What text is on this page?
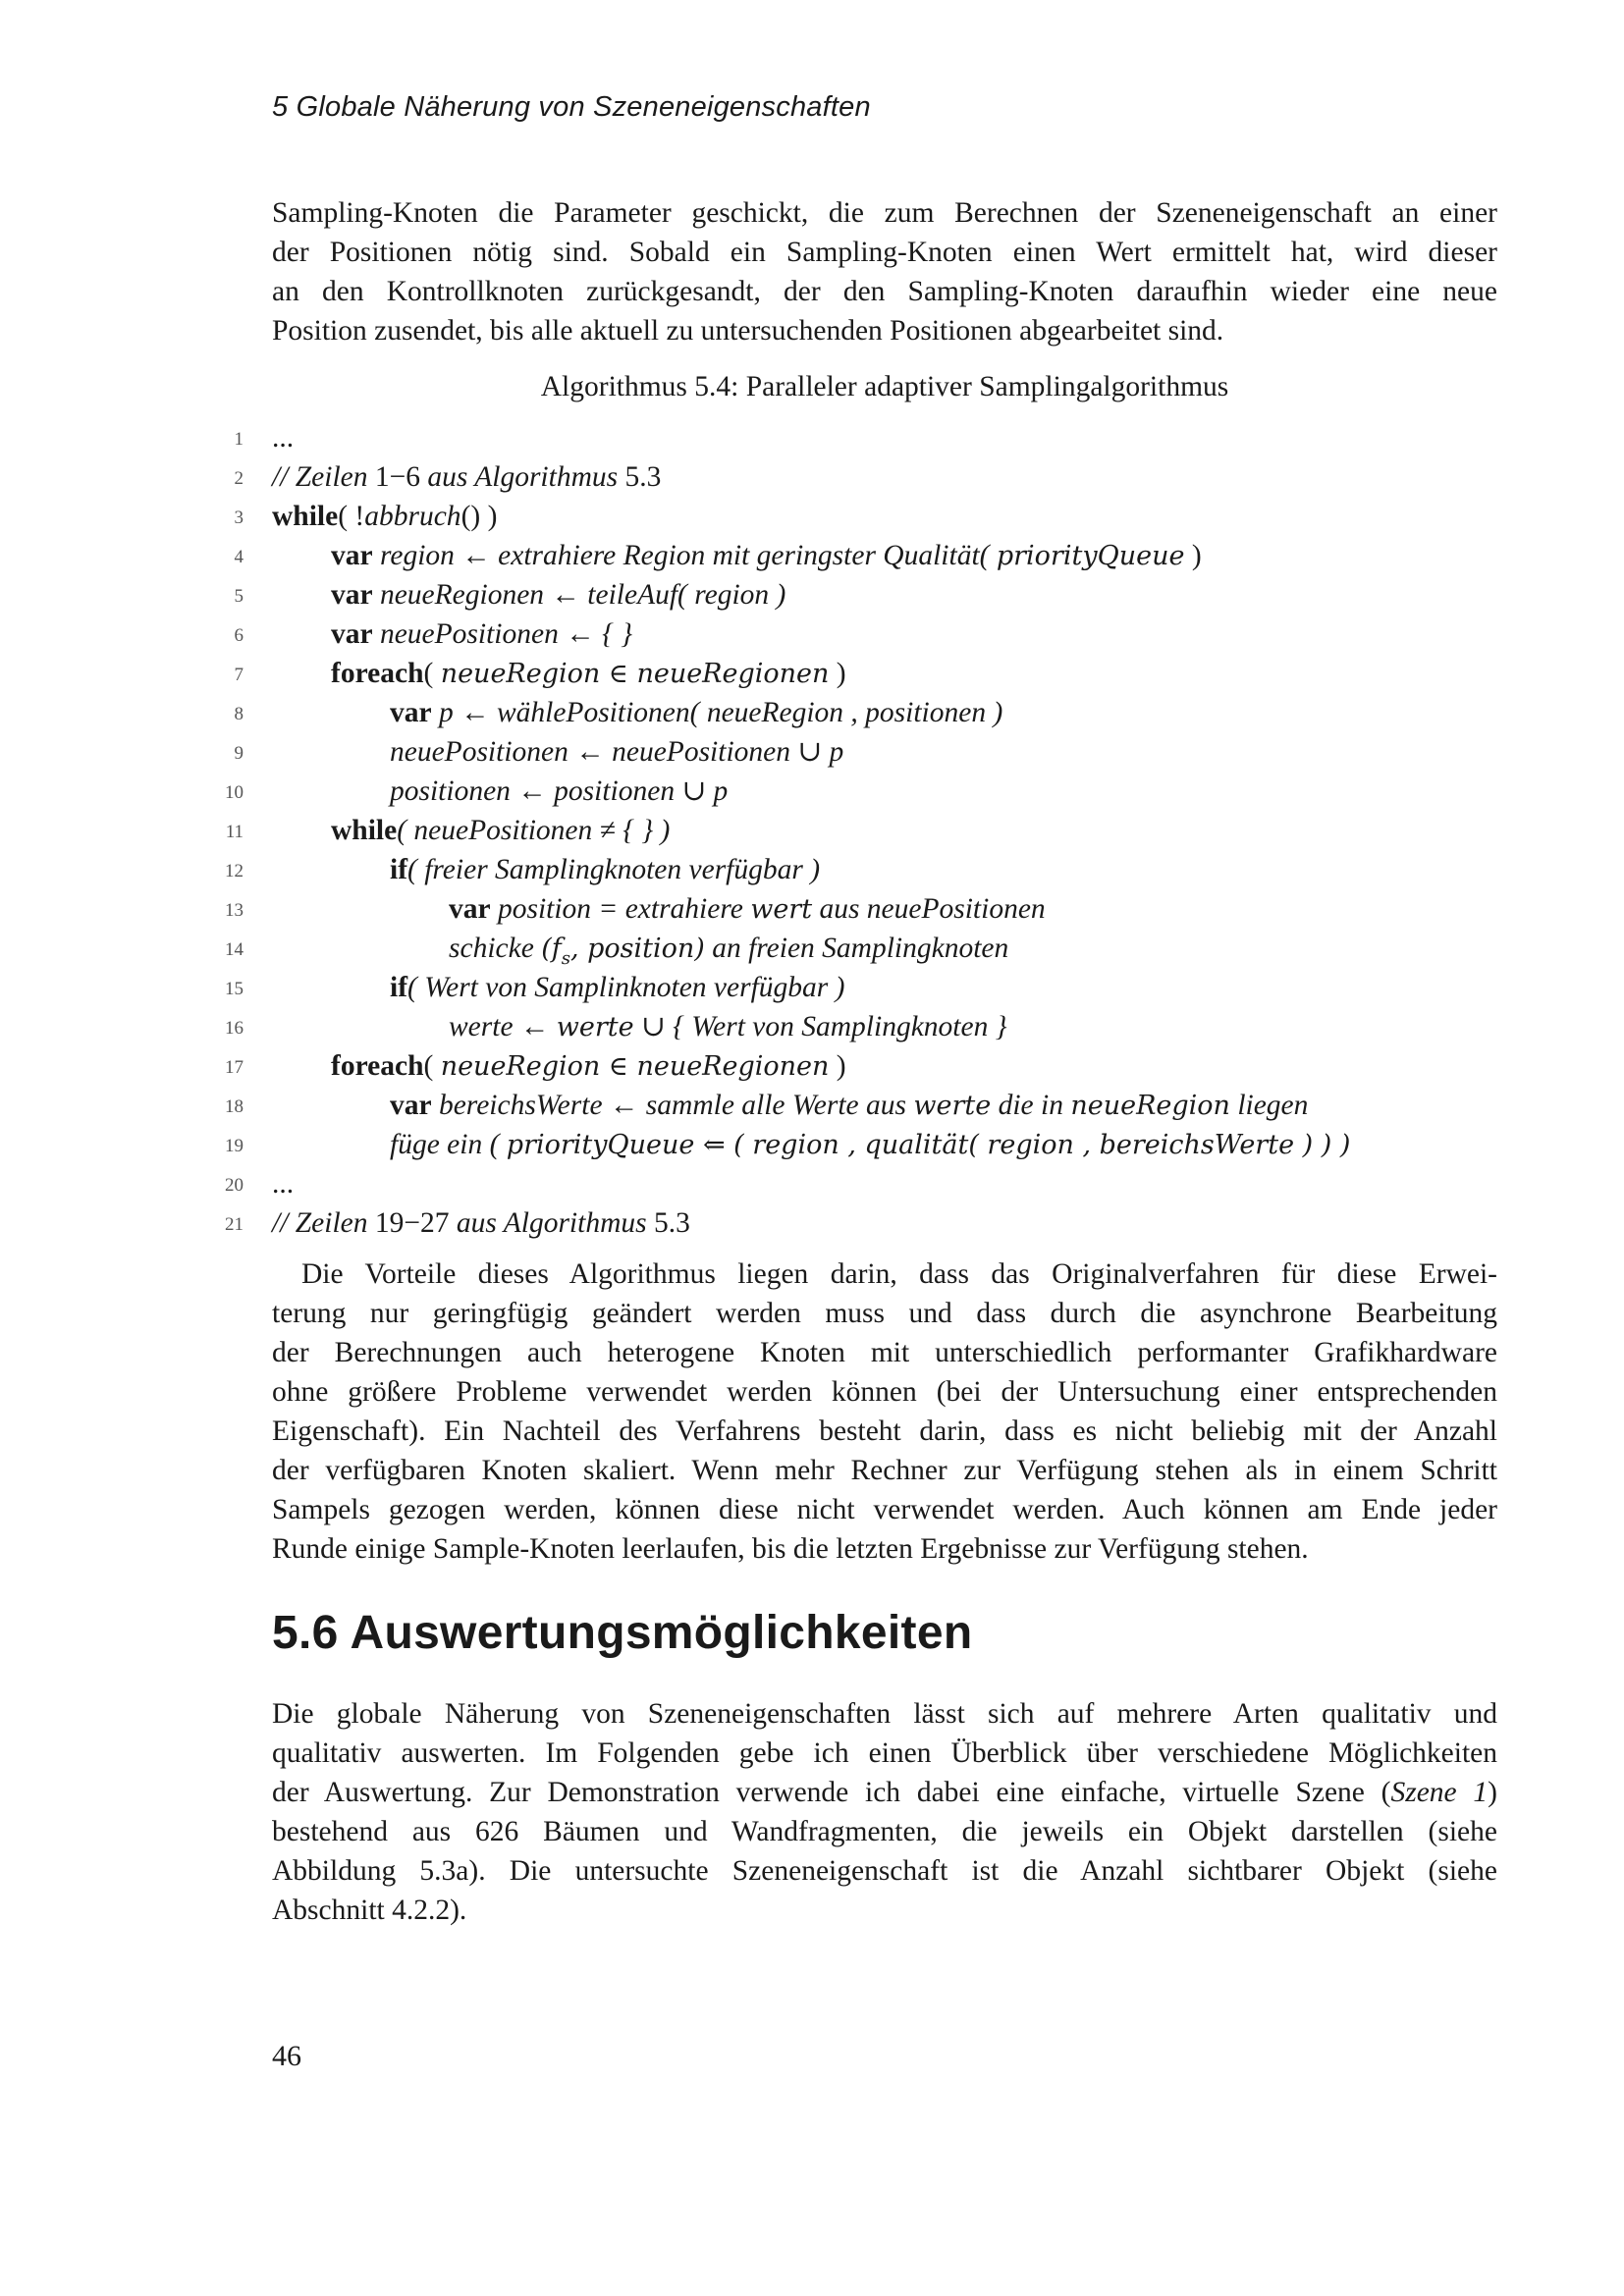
5 Globale Näherung von Szeneneigenschaften
Sampling-Knoten die Parameter geschickt, die zum Berechnen der Szeneneigenschaft an einer
der Positionen nötig sind. Sobald ein Sampling-Knoten einen Wert ermittelt hat, wird dieser
an den Kontrollknoten zurückgesandt, der den Sampling-Knoten daraufhin wieder eine neue
Position zusendet, bis alle aktuell zu untersuchenden Positionen abgearbeitet sind.
Algorithmus 5.4: Paralleler adaptiver Samplingalgorithmus
1 ...
2 // Zeilen 1−6 aus Algorithmus 5.3
3 while( !abbruch() )
4	var region ← extrahiere Region mit geringster Qualität( priorityQueue )
5	var neueRegionen ← teileAuf( region )
6	var neuePositionen ← { }
7	foreach( neueRegion ∈ neueRegionen )
8	var p ← wählePositionen( neueRegion , positionen )
9	neuePositionen ← neuePositionen ∪ p
10	positionen ← positionen ∪ p
11	while( neuePositionen ≠ { } )
12	if( freier Samplingknoten verfügbar )
13	var position = extrahiere wert aus neuePositionen
14	schicke ($f_s$, position) an freien Samplingknoten
15	if( Wert von Samplinknoten verfügbar )
16	werte ← werte ∪ { Wert von Samplingknoten }
17	foreach( neueRegion ∈ neueRegionen )
18	var bereichsWerte ← sammle alle Werte aus werte die in neueRegion liegen
19	füge ein ( priorityQueue ⇐ ( region , qualität( region , bereichsWerte ) ) )
20 ...
21 // Zeilen 19−27 aus Algorithmus 5.3
Die Vorteile dieses Algorithmus liegen darin, dass das Originalverfahren für diese Erwei-
terung nur geringfügig geändert werden muss und dass durch die asynchrone Bearbeitung
der Berechnungen auch heterogene Knoten mit unterschiedlich performanter Grafikhardware
ohne größere Probleme verwendet werden können (bei der Untersuchung einer entsprechenden
Eigenschaft). Ein Nachteil des Verfahrens besteht darin, dass es nicht beliebig mit der Anzahl
der verfügbaren Knoten skaliert. Wenn mehr Rechner zur Verfügung stehen als in einem Schritt
Sampels gezogen werden, können diese nicht verwendet werden. Auch können am Ende jeder
Runde einige Sample-Knoten leerlaufen, bis die letzten Ergebnisse zur Verfügung stehen.
5.6 Auswertungsmöglichkeiten
Die globale Näherung von Szeneneigenschaften lässt sich auf mehrere Arten qualitativ und
qualitativ auswerten. Im Folgenden gebe ich einen Überblick über verschiedene Möglichkeiten
der Auswertung. Zur Demonstration verwende ich dabei eine einfache, virtuelle Szene (Szene 1)
bestehend aus 626 Bäumen und Wandfragmenten, die jeweils ein Objekt darstellen (siehe
Abbildung 5.3a). Die untersuchte Szeneneigenschaft ist die Anzahl sichtbarer Objekt (siehe
Abschnitt 4.2.2).
46
